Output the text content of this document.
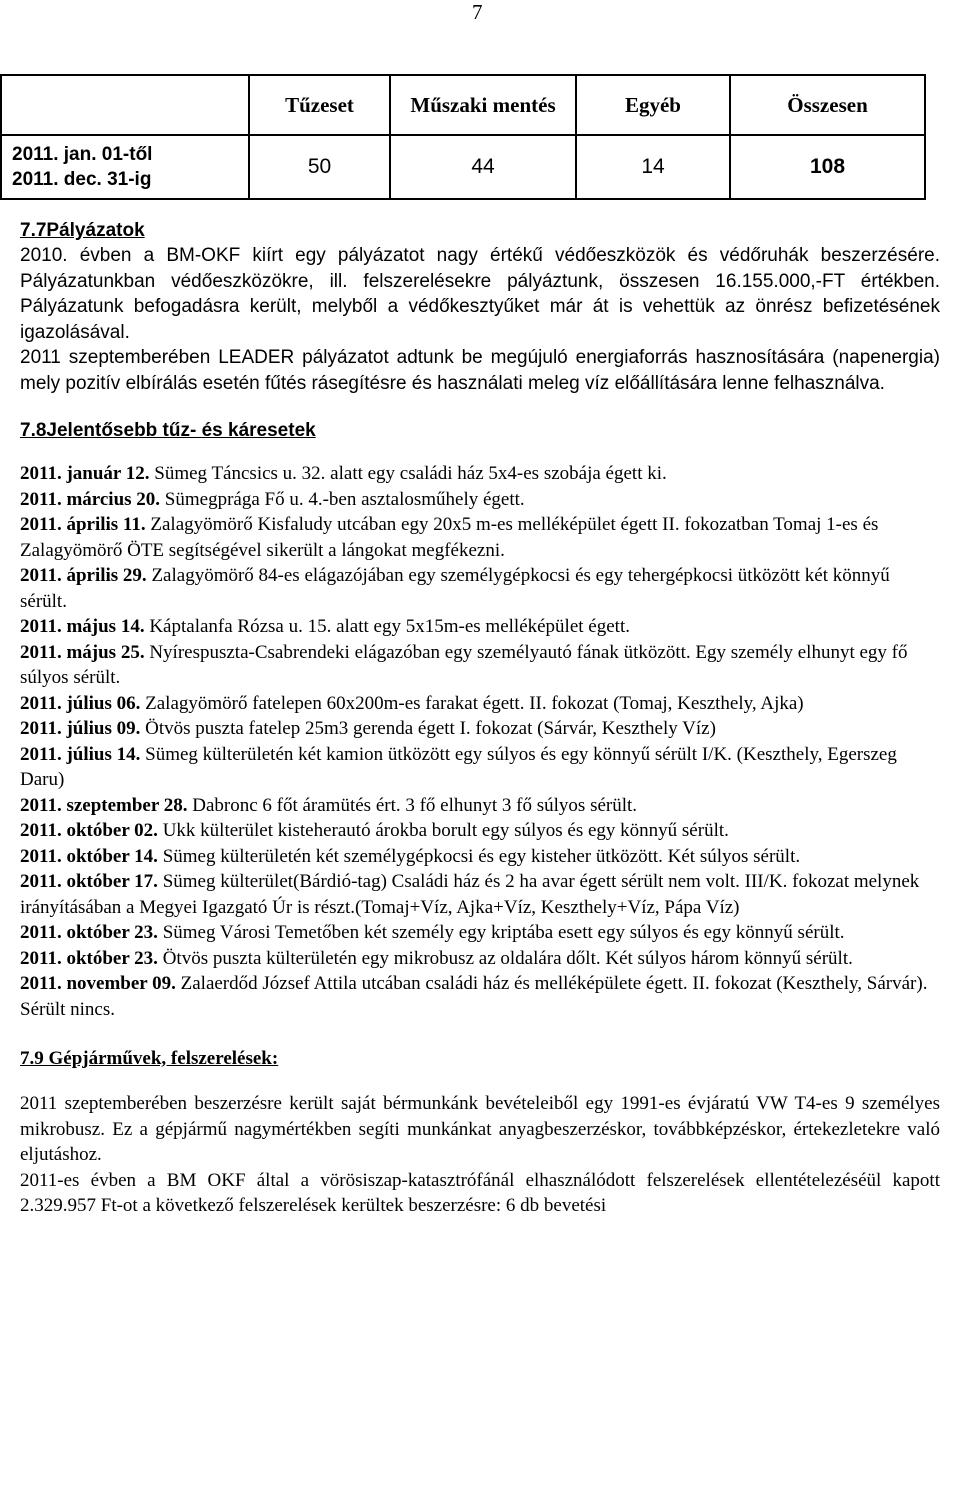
7
	Tűzeset	Műszaki mentés	Egyéb	Összesen

2011. jan. 01-től
2011. dec. 31-ig	50	44	14	108

7.7Pályázatok

2010. évben a BM-OKF kiírt egy pályázatot nagy értékű védőeszközök és védőruhák beszerzésére. Pályázatunkban védőeszközökre, ill. felszerelésekre pályáztunk, összesen 16.155.000,-FT értékben. Pályázatunk befogadásra került, melyből a védőkesztyűket már át is vehettük az önrész befizetésének igazolásával.

2011 szeptemberében LEADER pályázatot adtunk be megújuló energiaforrás hasznosítására (napenergia) mely pozitív elbírálás esetén fűtés rásegítésre és használati meleg víz előállítására lenne felhasználva.

7.8Jelentősebb tűz- és káresetek

2011. január 12. Sümeg Táncsics u. 32. alatt egy családi ház 5x4-es szobája égett ki.

2011. március 20. Sümegprága Fő u. 4.-ben asztalosműhely égett.

2011. április 11. Zalagyömörő Kisfaludy utcában egy 20x5 m-es melléképület égett II. fokozatban Tomaj 1-es és Zalagyömörő ÖTE segítségével sikerült a lángokat megfékezni.

2011. április 29. Zalagyömörő 84-es elágazójában egy személygépkocsi és egy tehergépkocsi ütközött két könnyű sérült.

2011. május 14. Káptalanfa Rózsa u. 15. alatt egy 5x15m-es melléképület égett.

2011. május 25. Nyírespuszta-Csabrendeki elágazóban egy személyautó fának ütközött. Egy személy elhunyt egy fő súlyos sérült.

2011. július 06. Zalagyömörő fatelepen 60x200m-es farakat égett. II. fokozat (Tomaj, Keszthely, Ajka)

2011. július 09. Ötvös puszta fatelep 25m3 gerenda égett I. fokozat (Sárvár, Keszthely Víz)

2011. július 14. Sümeg külterületén két kamion ütközött egy súlyos és egy könnyű sérült I/K. (Keszthely, Egerszeg Daru)

2011. szeptember 28. Dabronc 6 főt áramütés ért. 3 fő elhunyt 3 fő súlyos sérült.

2011. október 02. Ukk külterület kisteherautó árokba borult egy súlyos és egy könnyű sérült.

2011. október 14. Sümeg külterületén két személygépkocsi és egy kisteher ütközött. Két súlyos sérült.

2011. október 17. Sümeg külterület(Bárdió-tag) Családi ház és 2 ha avar égett sérült nem volt. III/K. fokozat melynek irányításában a Megyei Igazgató Úr is részt.(Tomaj+Víz, Ajka+Víz, Keszthely+Víz, Pápa Víz)

2011. október 23. Sümeg Városi Temetőben két személy egy kriptába esett egy súlyos és egy könnyű sérült.

2011. október 23. Ötvös puszta külterületén egy mikrobusz az oldalára dőlt. Két súlyos három könnyű sérült.

2011. november 09. Zalaerdőd József Attila utcában családi ház és melléképülete égett. II. fokozat (Keszthely, Sárvár). Sérült nincs.

7.9 Gépjárművek, felszerelések:

2011 szeptemberében beszerzésre került saját bérmunkánk bevételeiből egy 1991-es évjáratú VW T4-es 9 személyes mikrobusz. Ez a gépjármű nagymértékben segíti munkánkat anyagbeszerzéskor, továbbképzéskor, értekezletekre való eljutáshoz.

2011-es évben a BM OKF által a vörösiszap-katasztrófánál elhasználódott felszerelések ellentételezéséül kapott 2.329.957 Ft-ot a következő felszerelések kerültek beszerzésre: 6 db bevetési
